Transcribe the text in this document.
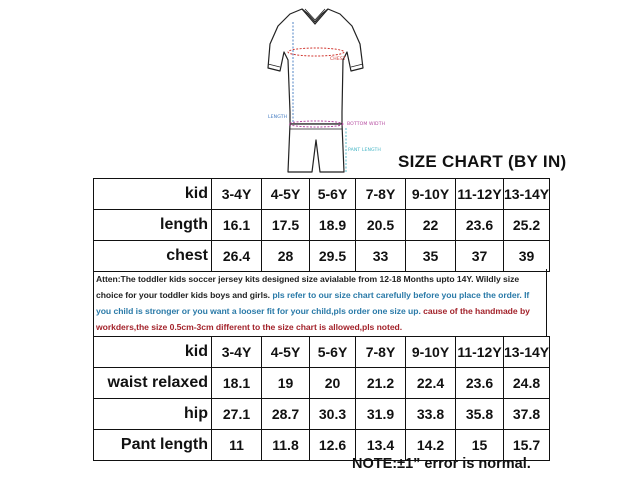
CHEST
LENGTH
BOTTOM WIDTH
PANT LENGTH
SIZE CHART (BY IN)
kid	3-4Y	4-5Y	5-6Y	7-8Y	9-10Y	11-12Y	13-14Y
length	16.1	17.5	18.9	20.5	22	23.6	25.2
chest	26.4	28	29.5	33	35	37	39
Atten:The toddler kids soccer jersey kits designed size avialable from 12-18 Months upto 14Y. Wildly size choice for your toddler kids boys and girls. pls refer to our size chart carefully before you place the order. If you child is stronger or you want a looser fit for your child,pls order one size up. cause of the handmade by workders,the size 0.5cm-3cm different to the size chart is allowed,pls noted.
kid	3-4Y	4-5Y	5-6Y	7-8Y	9-10Y	11-12Y	13-14Y
waist relaxed	18.1	19	20	21.2	22.4	23.6	24.8
hip	27.1	28.7	30.3	31.9	33.8	35.8	37.8
Pant length	11	11.8	12.6	13.4	14.2	15	15.7
NOTE:±1” error is normal.
